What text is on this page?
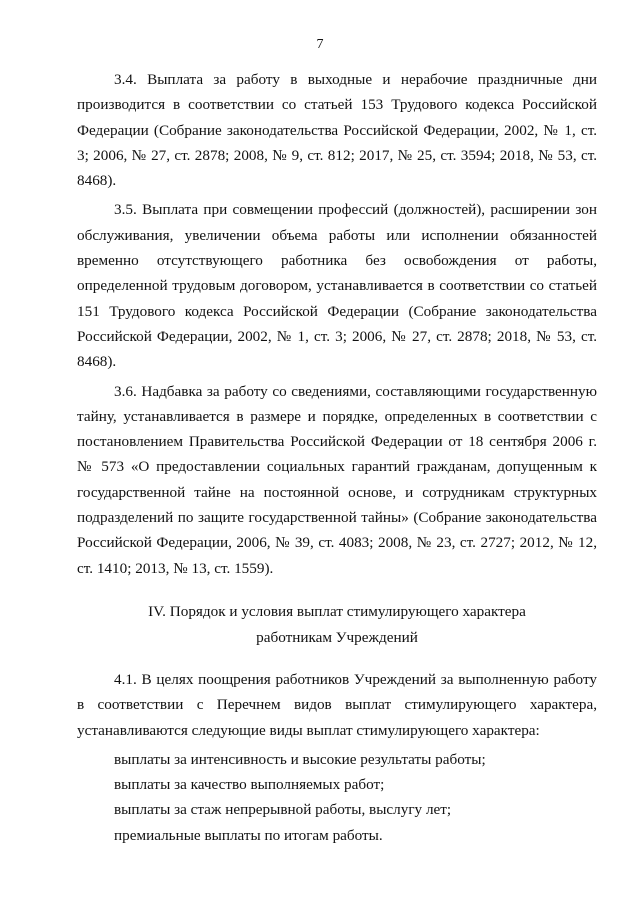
7

3.4. Выплата за работу в выходные и нерабочие праздничные дни производится в соответствии со статьей 153 Трудового кодекса Российской Федерации (Собрание законодательства Российской Федерации, 2002, № 1, ст. 3; 2006, № 27, ст. 2878; 2008, № 9, ст. 812; 2017, № 25, ст. 3594; 2018, № 53, ст. 8468).

3.5. Выплата при совмещении профессий (должностей), расширении зон обслуживания, увеличении объема работы или исполнении обязанностей временно отсутствующего работника без освобождения от работы, определенной трудовым договором, устанавливается в соответствии со статьей 151 Трудового кодекса Российской Федерации (Собрание законодательства Российской Федерации, 2002, № 1, ст. 3; 2006, № 27, ст. 2878; 2018, № 53, ст. 8468).

3.6. Надбавка за работу со сведениями, составляющими государственную тайну, устанавливается в размере и порядке, определенных в соответствии с постановлением Правительства Российской Федерации от 18 сентября 2006 г. № 573 «О предоставлении социальных гарантий гражданам, допущенным к государственной тайне на постоянной основе, и сотрудникам структурных подразделений по защите государственной тайны» (Собрание законодательства Российской Федерации, 2006, № 39, ст. 4083; 2008, № 23, ст. 2727; 2012, № 12, ст. 1410; 2013, № 13, ст. 1559).

IV. Порядок и условия выплат стимулирующего характера
работникам Учреждений

4.1. В целях поощрения работников Учреждений за выполненную работу в соответствии с Перечнем видов выплат стимулирующего характера, устанавливаются следующие виды выплат стимулирующего характера:

выплаты за интенсивность и высокие результаты работы;
выплаты за качество выполняемых работ;
выплаты за стаж непрерывной работы, выслугу лет;
премиальные выплаты по итогам работы.
